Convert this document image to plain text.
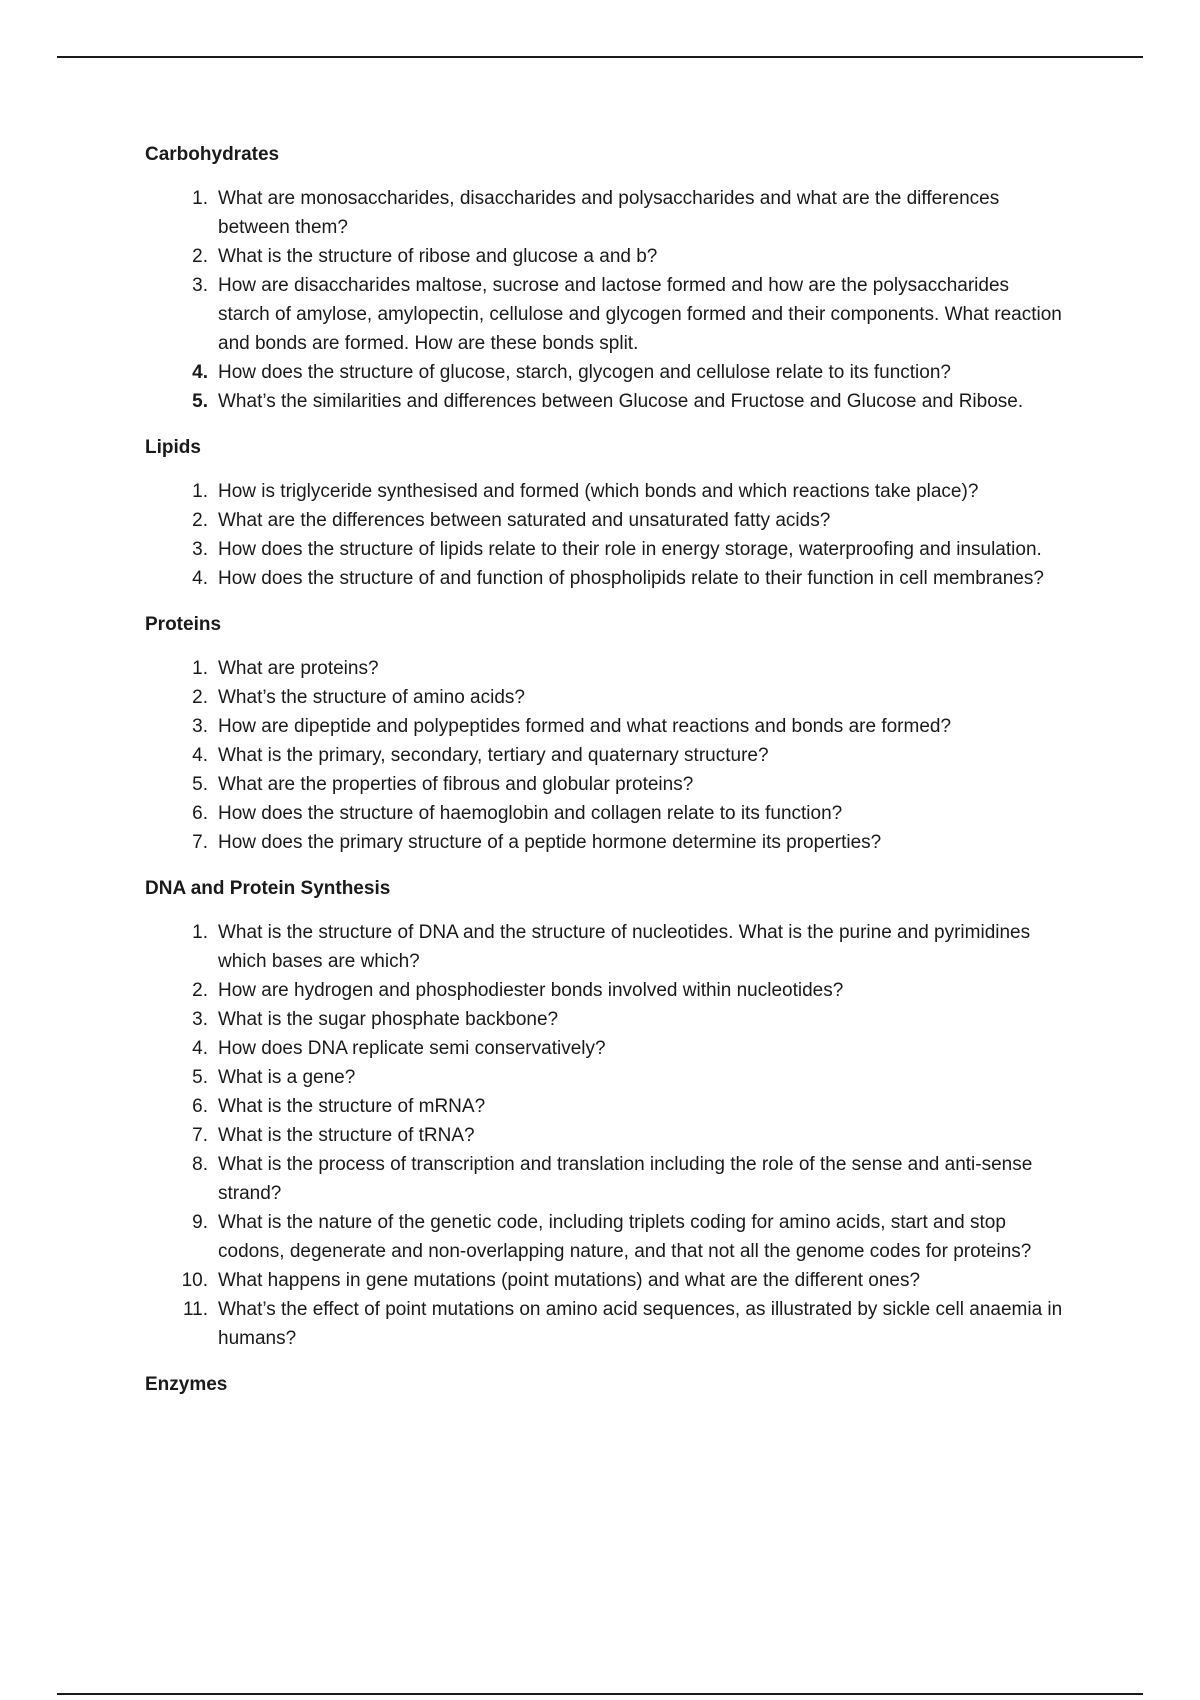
Carbohydrates
1. What are monosaccharides, disaccharides and polysaccharides and what are the differences between them?
2. What is the structure of ribose and glucose a and b?
3. How are disaccharides maltose, sucrose and lactose formed and how are the polysaccharides starch of amylose, amylopectin, cellulose and glycogen formed and their components. What reaction and bonds are formed. How are these bonds split.
4. How does the structure of glucose, starch, glycogen and cellulose relate to its function?
5. What’s the similarities and differences between Glucose and Fructose and Glucose and Ribose.
Lipids
1. How is triglyceride synthesised and formed (which bonds and which reactions take place)?
2. What are the differences between saturated and unsaturated fatty acids?
3. How does the structure of lipids relate to their role in energy storage, waterproofing and insulation.
4. How does the structure of and function of phospholipids relate to their function in cell membranes?
Proteins
1. What are proteins?
2. What’s the structure of amino acids?
3. How are dipeptide and polypeptides formed and what reactions and bonds are formed?
4. What is the primary, secondary, tertiary and quaternary structure?
5. What are the properties of fibrous and globular proteins?
6. How does the structure of haemoglobin and collagen relate to its function?
7. How does the primary structure of a peptide hormone determine its properties?
DNA and Protein Synthesis
1. What is the structure of DNA and the structure of nucleotides. What is the purine and pyrimidines which bases are which?
2. How are hydrogen and phosphodiester bonds involved within nucleotides?
3. What is the sugar phosphate backbone?
4. How does DNA replicate semi conservatively?
5. What is a gene?
6. What is the structure of mRNA?
7. What is the structure of tRNA?
8. What is the process of transcription and translation including the role of the sense and anti-sense strand?
9. What is the nature of the genetic code, including triplets coding for amino acids, start and stop codons, degenerate and non-overlapping nature, and that not all the genome codes for proteins?
10. What happens in gene mutations (point mutations) and what are the different ones?
11. What’s the effect of point mutations on amino acid sequences, as illustrated by sickle cell anaemia in humans?
Enzymes
